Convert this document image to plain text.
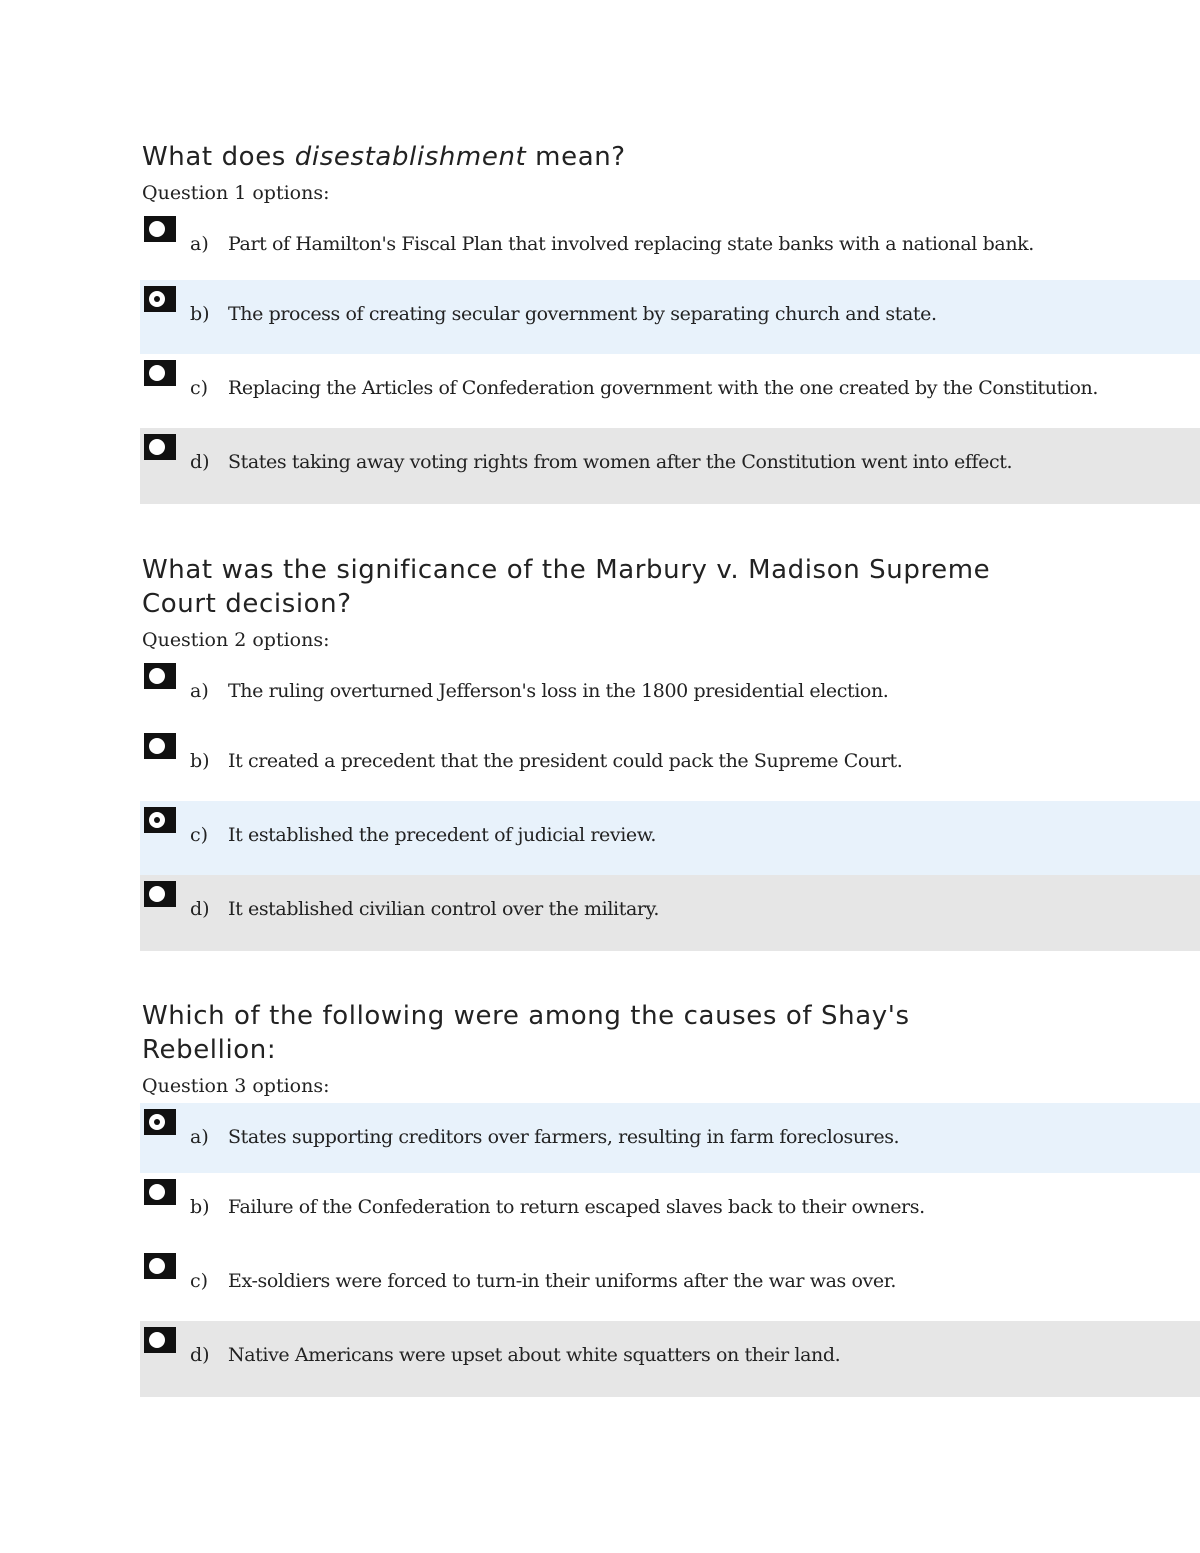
What does disestablishment mean?
Question 1 options:
a) Part of Hamilton's Fiscal Plan that involved replacing state banks with a national bank.
b) The process of creating secular government by separating church and state.
c) Replacing the Articles of Confederation government with the one created by the Constitution.
d) States taking away voting rights from women after the Constitution went into effect.
What was the significance of the Marbury v. Madison Supreme
Court decision?
Question 2 options:
a) The ruling overturned Jefferson's loss in the 1800 presidential election.
b) It created a precedent that the president could pack the Supreme Court.
c) It established the precedent of judicial review.
d) It established civilian control over the military.
Which of the following were among the causes of Shay's
Rebellion:
Question 3 options:
a) States supporting creditors over farmers, resulting in farm foreclosures.
b) Failure of the Confederation to return escaped slaves back to their owners.
c) Ex-soldiers were forced to turn-in their uniforms after the war was over.
d) Native Americans were upset about white squatters on their land.
